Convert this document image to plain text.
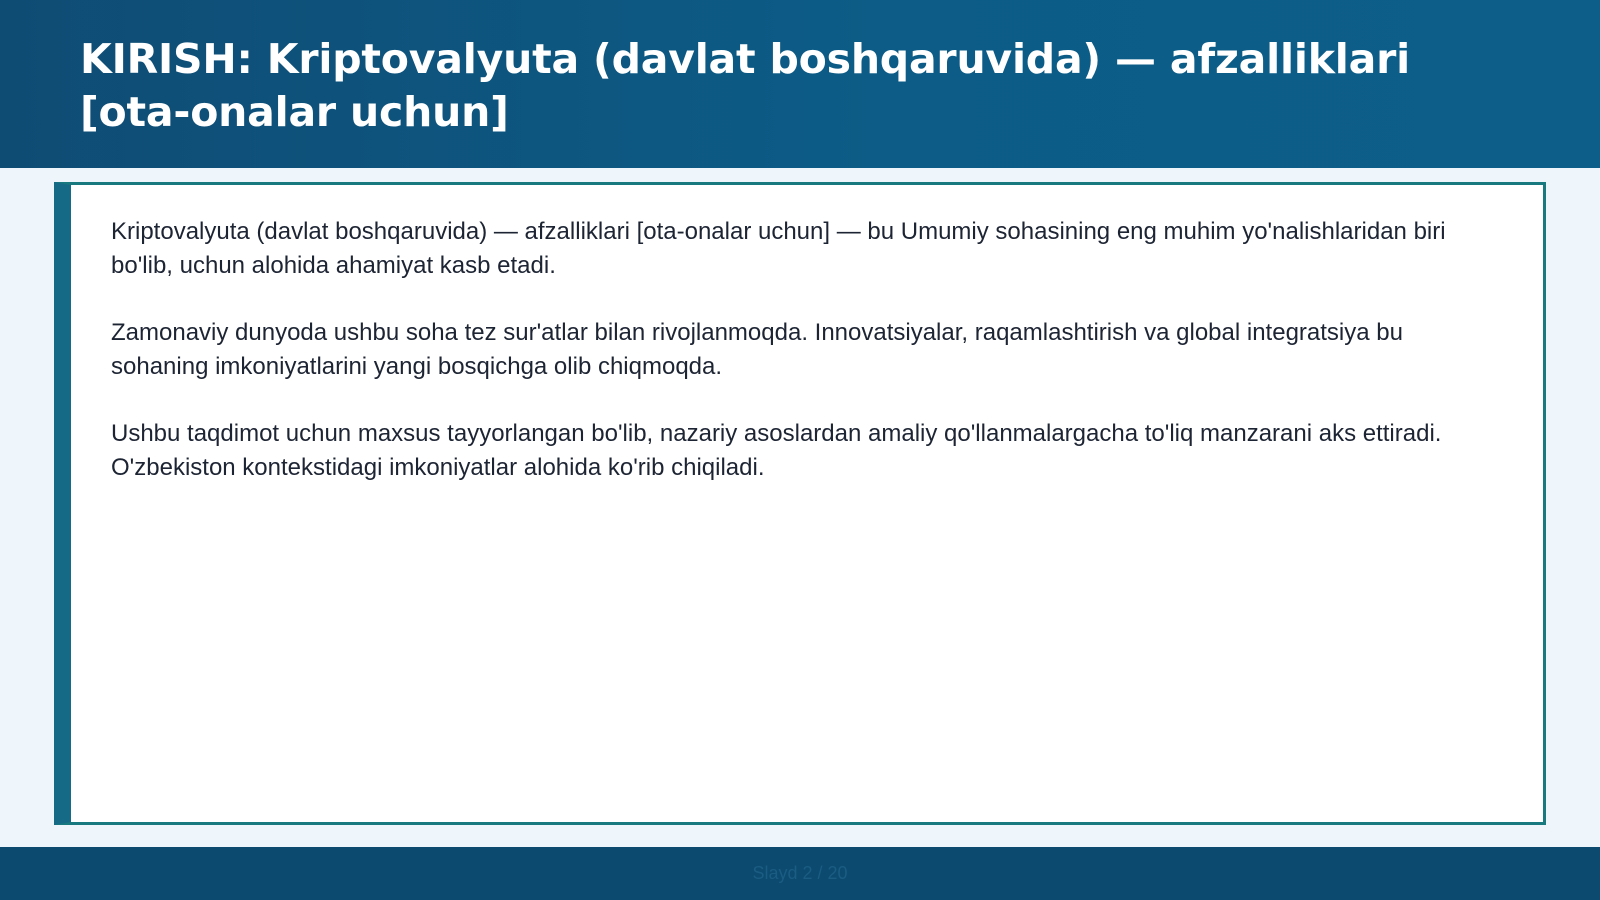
KIRISH: Kriptovalyuta (davlat boshqaruvida) — afzalliklari [ota-onalar uchun]

Kriptovalyuta (davlat boshqaruvida) — afzalliklari [ota-onalar uchun] — bu Umumiy sohasining eng muhim yo'nalishlaridan biri bo'lib, uchun alohida ahamiyat kasb etadi.

Zamonaviy dunyoda ushbu soha tez sur'atlar bilan rivojlanmoqda. Innovatsiyalar, raqamlashtirish va global integratsiya bu sohaning imkoniyatlarini yangi bosqichga olib chiqmoqda.

Ushbu taqdimot uchun maxsus tayyorlangan bo'lib, nazariy asoslardan amaliy qo'llanmalargacha to'liq manzarani aks ettiradi. O'zbekiston kontekstidagi imkoniyatlar alohida ko'rib chiqiladi.

Slayd 2 / 20
